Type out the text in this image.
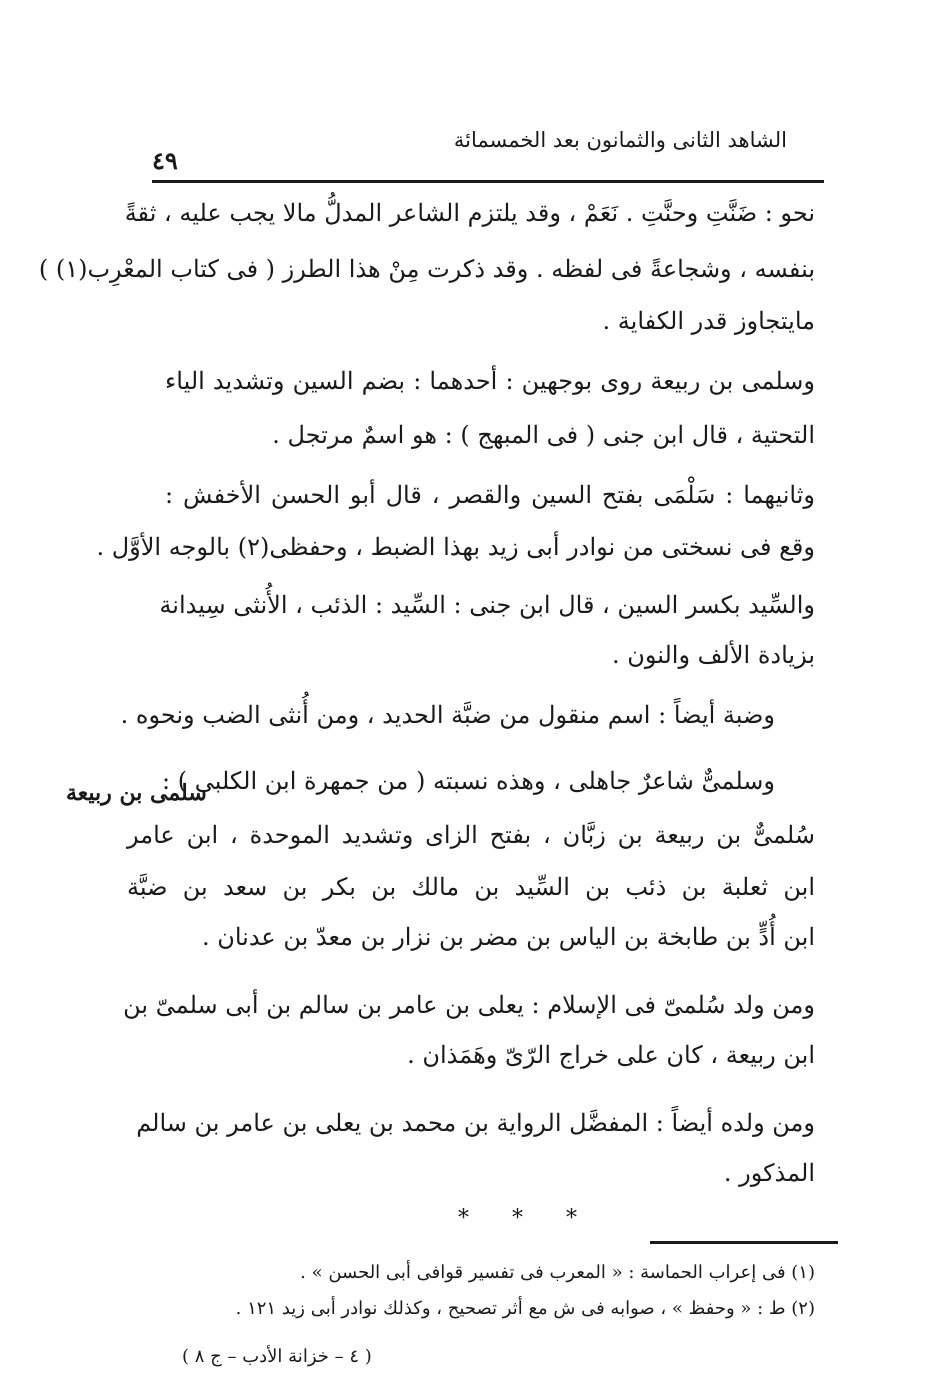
الشاهد الثانى والثمانون بعد الخمسمائة
٤٩
نحو : ضَنَّتِ وحنَّتِ . نَعَمْ ، وقد يلتزم الشاعر المدلُّ مالا يجب عليه ، ثقةً
بنفسه ، وشجاعةً فى لفظه . وقد ذكرت مِنْ هذا الطرز ( فى كتاب المعْرِب(١) )
مايتجاوز قدر الكفاية .
وسلمى بن ربيعة روى بوجهين : أحدهما : بضم السين وتشديد الياء
التحتية ، قال ابن جنى ( فى المبهج ) : هو اسمٌ مرتجل .
وثانيهما : سَلْمَى بفتح السين والقصر ، قال أبو الحسن الأخفش :
وقع فى نسختى من نوادر أبى زيد بهذا الضبط ، وحفظى(٢) بالوجه الأوَّل .
والسِّيد بكسر السين ، قال ابن جنى : السِّيد : الذئب ، الأُنثى سِيدانة
بزيادة الألف والنون .
وضبة أيضاً : اسم منقول من ضبَّة الحديد ، ومن أُنثى الضب ونحوه .
سلمى بن ربيعة
وسلمىٌّ شاعرٌ جاهلى ، وهذه نسبته ( من جمهرة ابن الكلبى ) :
سُلمىٌّ بن ربيعة بن زبَّان ، بفتح الزاى وتشديد الموحدة ، ابن عامر
ابن ثعلبة بن ذئب بن السِّيد بن مالك بن بكر بن سعد بن ضبَّة
ابن أُدٍّ بن طابخة بن الياس بن مضر بن نزار بن معدّ بن عدنان .
ومن ولد سُلمىّ فى الإسلام : يعلى بن عامر بن سالم بن أبى سلمىّ بن
ابن ربيعة ، كان على خراج الرّىّ وهَمَذان .
ومن ولده أيضاً : المفضَّل الرواية بن محمد بن يعلى بن عامر بن سالم
المذكور .
* * *
(١) فى إعراب الحماسة : « المعرب فى تفسير قوافى أبى الحسن » .
(٢) ط : « وحفظ » ، صوابه فى ش مع أثر تصحيح ، وكذلك نوادر أبى زيد ١٢١ .
( ٤ – خزانة الأدب – ج ٨ )
